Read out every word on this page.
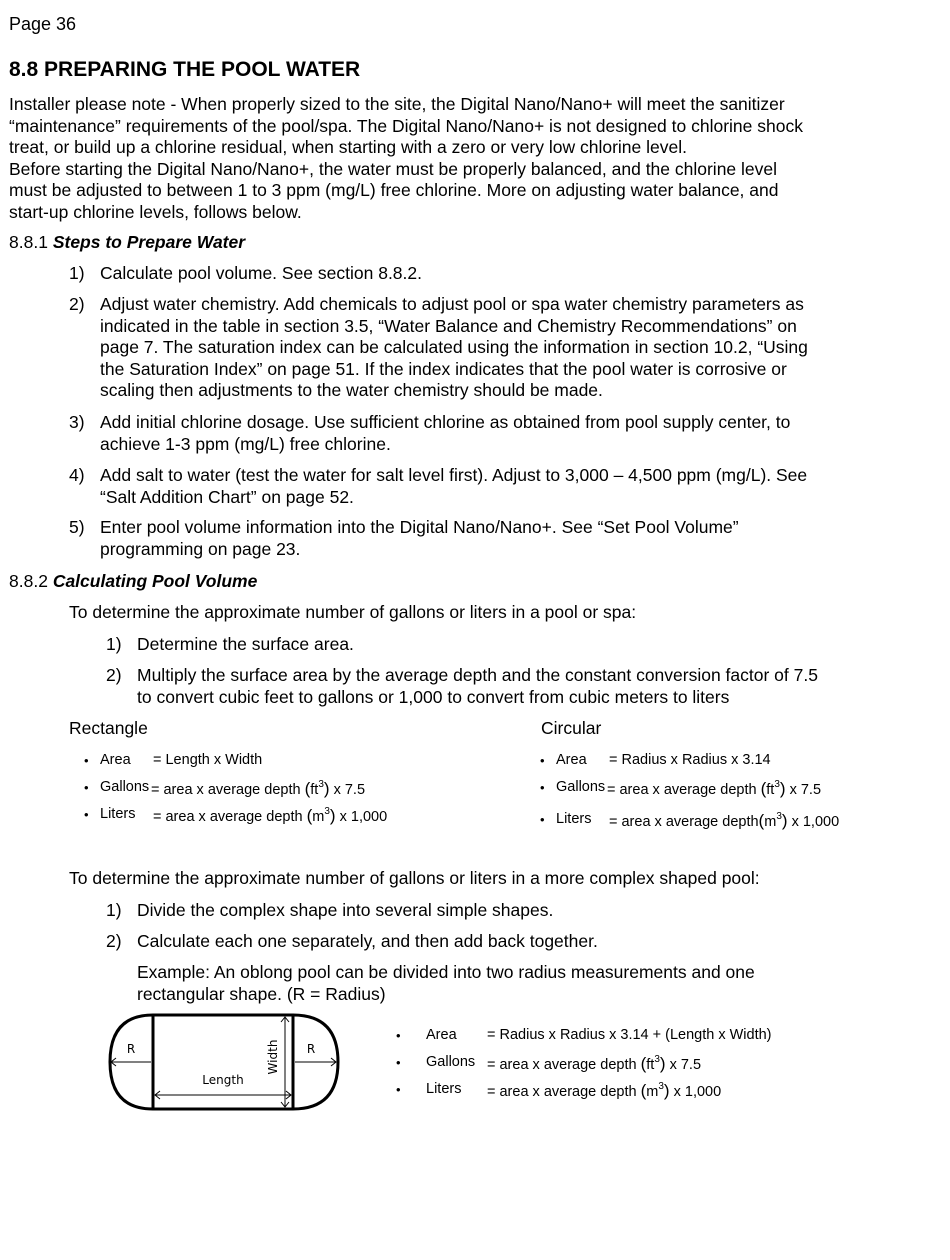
Page 36
8.8 PREPARING THE POOL WATER
Installer please note - When properly sized to the site, the Digital Nano/Nano+ will meet the sanitizer
“maintenance” requirements of the pool/spa. The Digital Nano/Nano+ is not designed to chlorine shock
treat, or build up a chlorine residual, when starting with a zero or very low chlorine level.
Before starting the Digital Nano/Nano+, the water must be properly balanced, and the chlorine level
must be adjusted to between 1 to 3 ppm (mg/L) free chlorine. More on adjusting water balance, and
start-up chlorine levels, follows below.
8.8.1 Steps to Prepare Water
1) Calculate pool volume. See section 8.8.2.
2) Adjust water chemistry. Add chemicals to adjust pool or spa water chemistry parameters as
indicated in the table in section 3.5, “Water Balance and Chemistry Recommendations” on
page 7. The saturation index can be calculated using the information in section 10.2, “Using
the Saturation Index” on page 51. If the index indicates that the pool water is corrosive or
scaling then adjustments to the water chemistry should be made.
3) Add initial chlorine dosage. Use sufficient chlorine as obtained from pool supply center, to
achieve 1-3 ppm (mg/L) free chlorine.
4) Add salt to water (test the water for salt level first). Adjust to 3,000 – 4,500 ppm (mg/L). See
“Salt Addition Chart” on page 52.
5) Enter pool volume information into the Digital Nano/Nano+. See “Set Pool Volume”
programming on page 23.
8.8.2 Calculating Pool Volume
To determine the approximate number of gallons or liters in a pool or spa:
1) Determine the surface area.
2) Multiply the surface area by the average depth and the constant conversion factor of 7.5
to convert cubic feet to gallons or 1,000 to convert from cubic meters to liters
Rectangle
• Area = Length x Width
• Gallons = area x average depth $(ft^3)$ x 7.5
• Liters = area x average depth $(m^3)$ x 1,000
Circular
• Area = Radius x Radius x 3.14
• Gallons = area x average depth $(ft^3)$ x 7.5
• Liters = area x average $depth(m^3)$ x 1,000
To determine the approximate number of gallons or liters in a more complex shaped pool:
1) Divide the complex shape into several simple shapes.
2) Calculate each one separately, and then add back together.
Example: An oblong pool can be divided into two radius measurements and one
rectangular shape. (R = Radius)
R	R
Length
Width
• Area = Radius x Radius x 3.14 + (Length x Width)
• Gallons = area x average depth $(ft^3)$ x 7.5
• Liters = area x average depth $(m^3)$ x 1,000
